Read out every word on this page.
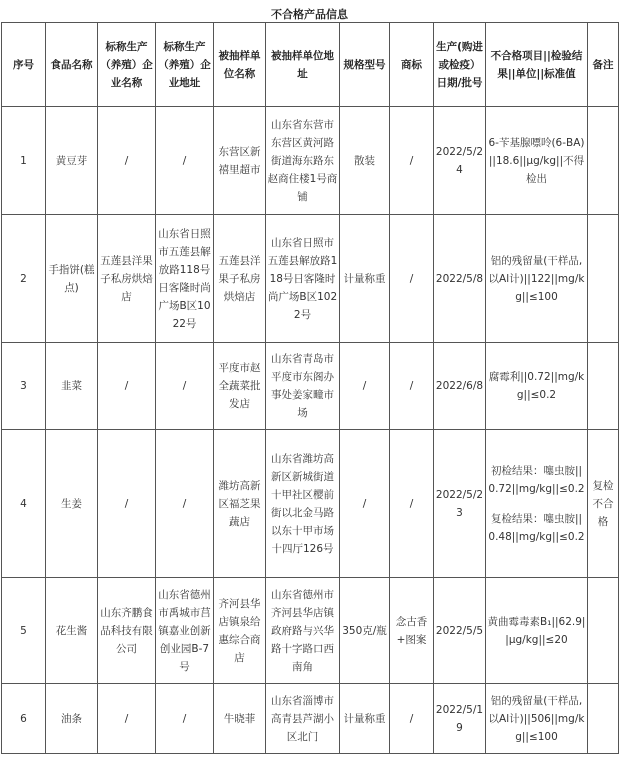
不合格产品信息
序号	食品名称	标称生产（养殖）企业名称	标称生产（养殖）企业地址	被抽样单位名称	被抽样单位地址	规格型号	商标	生产(购进或检疫）日期/批号	不合格项目||检验结果||单位||标准值	备注
1	黄豆芽	/	/	东营区新禧里超市	山东省东营市东营区黄河路街道海东路东赵商住楼1号商铺	散装	/	2022/5/24	6-苄基腺嘌呤(6-BA)||18.6||μg/kg||不得检出	
2	手指饼(糕点)	五莲县洋果子私房烘焙店	山东省日照市五莲县解放路118号日客隆时尚广场B区1022号	五莲县洋果子私房烘焙店	山东省日照市五莲县解放路118号日客隆时尚广场B区1022号	计量称重	/	2022/5/8	铝的残留量(干样品,以Al计)||122||mg/kg||≤100	
3	韭菜	/	/	平度市赵全蔬菜批发店	山东省青岛市平度市东阁办事处姜家疃市场	/	/	2022/6/8	腐霉利||0.72||mg/kg||≤0.2	
4	生姜	/	/	潍坊高新区福芝果蔬店	山东省潍坊高新区新城街道十甲社区樱前街以北金马路以东十甲市场十四厅126号	/	/	2022/5/23	初检结果：噻虫胺||0.72||mg/kg||≤0.2
复检结果：噻虫胺||0.48||mg/kg||≤0.2	复检不合格
5	花生酱	山东齐鹏食品科技有限公司	山东省德州市禹城市莒镇嘉业创新创业园B-7号	齐河县华店镇泉给惠综合商店	山东省德州市齐河县华店镇政府路与兴华路十字路口西南角	350克/瓶	念古香+图案	2022/5/5	黄曲霉毒素B₁||62.9||μg/kg||≤20	
6	油条	/	/	牛晓菲	山东省淄博市高青县芦湖小区北门	计量称重	/	2022/5/19	铝的残留量(干样品,以Al计)||506||mg/kg||≤100	
